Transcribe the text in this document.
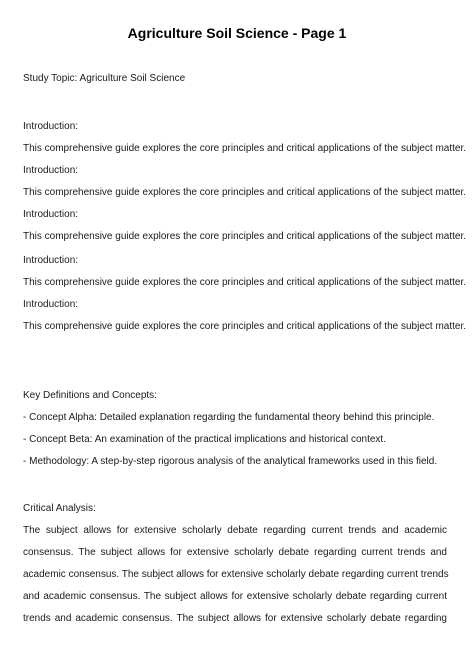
Agriculture Soil Science - Page 1
Study Topic: Agriculture Soil Science
Introduction:
This comprehensive guide explores the core principles and critical applications of the subject matter.
Introduction:
This comprehensive guide explores the core principles and critical applications of the subject matter.
Introduction:
This comprehensive guide explores the core principles and critical applications of the subject matter.
Introduction:
This comprehensive guide explores the core principles and critical applications of the subject matter.
Introduction:
This comprehensive guide explores the core principles and critical applications of the subject matter.
Key Definitions and Concepts:
- Concept Alpha: Detailed explanation regarding the fundamental theory behind this principle.
- Concept Beta: An examination of the practical implications and historical context.
- Methodology: A step-by-step rigorous analysis of the analytical frameworks used in this field.
Critical Analysis:
The subject allows for extensive scholarly debate regarding current trends and academic
consensus. The subject allows for extensive scholarly debate regarding current trends and
academic consensus. The subject allows for extensive scholarly debate regarding current trends
and academic consensus. The subject allows for extensive scholarly debate regarding current
trends and academic consensus. The subject allows for extensive scholarly debate regarding
